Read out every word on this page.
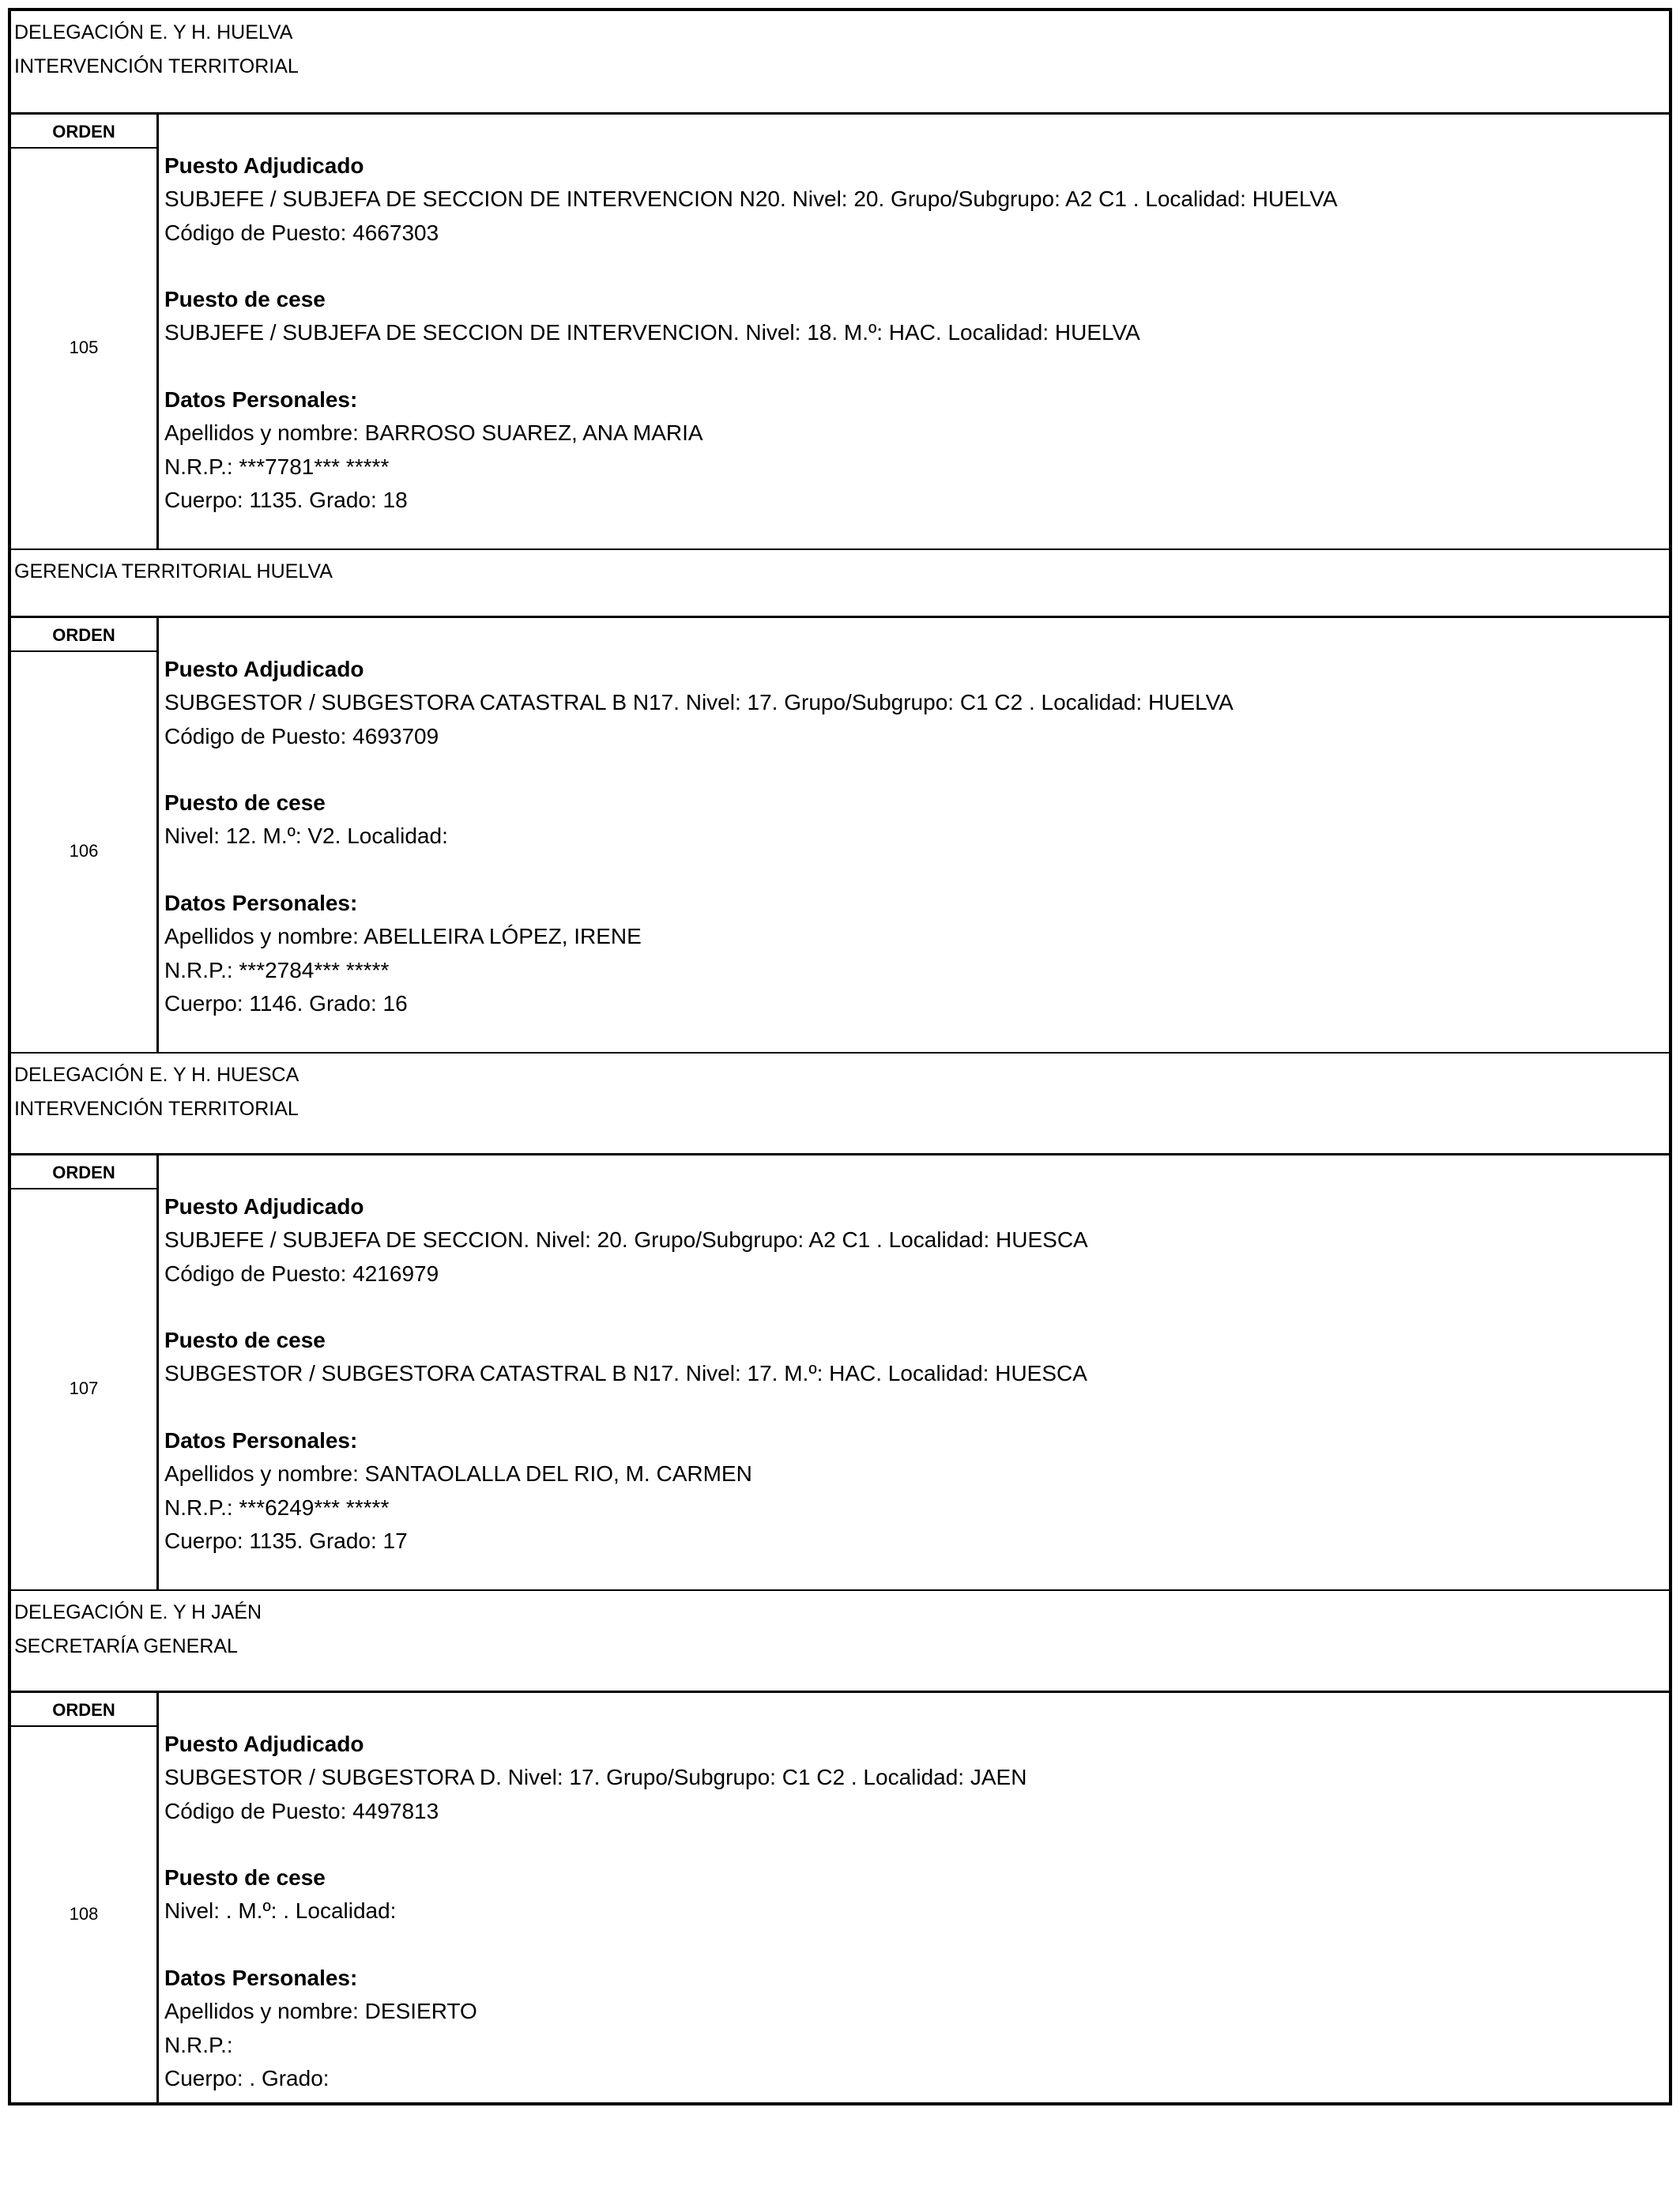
DELEGACIÓN E. Y H. HUELVA
INTERVENCIÓN TERRITORIAL
ORDEN
105
Puesto Adjudicado
SUBJEFE / SUBJEFA DE SECCION DE INTERVENCION N20. Nivel: 20. Grupo/Subgrupo: A2 C1 . Localidad: HUELVA
Código de Puesto: 4667303
Puesto de cese
SUBJEFE / SUBJEFA DE SECCION DE INTERVENCION. Nivel: 18. M.º: HAC. Localidad: HUELVA
Datos Personales:
Apellidos y nombre: BARROSO SUAREZ, ANA MARIA
N.R.P.: ***7781*** *****
Cuerpo: 1135. Grado: 18
GERENCIA TERRITORIAL HUELVA
ORDEN
106
Puesto Adjudicado
SUBGESTOR / SUBGESTORA CATASTRAL B N17. Nivel: 17. Grupo/Subgrupo: C1 C2 . Localidad: HUELVA
Código de Puesto: 4693709
Puesto de cese
Nivel: 12. M.º: V2. Localidad:
Datos Personales:
Apellidos y nombre: ABELLEIRA LÓPEZ, IRENE
N.R.P.: ***2784*** *****
Cuerpo: 1146. Grado: 16
DELEGACIÓN E. Y H. HUESCA
INTERVENCIÓN TERRITORIAL
ORDEN
107
Puesto Adjudicado
SUBJEFE / SUBJEFA DE SECCION. Nivel: 20. Grupo/Subgrupo: A2 C1 . Localidad: HUESCA
Código de Puesto: 4216979
Puesto de cese
SUBGESTOR / SUBGESTORA CATASTRAL B N17. Nivel: 17. M.º: HAC. Localidad: HUESCA
Datos Personales:
Apellidos y nombre: SANTAOLALLA DEL RIO, M. CARMEN
N.R.P.: ***6249*** *****
Cuerpo: 1135. Grado: 17
DELEGACIÓN E. Y H JAÉN
SECRETARÍA GENERAL
ORDEN
108
Puesto Adjudicado
SUBGESTOR / SUBGESTORA D. Nivel: 17. Grupo/Subgrupo: C1 C2 . Localidad: JAEN
Código de Puesto: 4497813
Puesto de cese
Nivel: . M.º: . Localidad:
Datos Personales:
Apellidos y nombre: DESIERTO
N.R.P.:
Cuerpo: . Grado:
